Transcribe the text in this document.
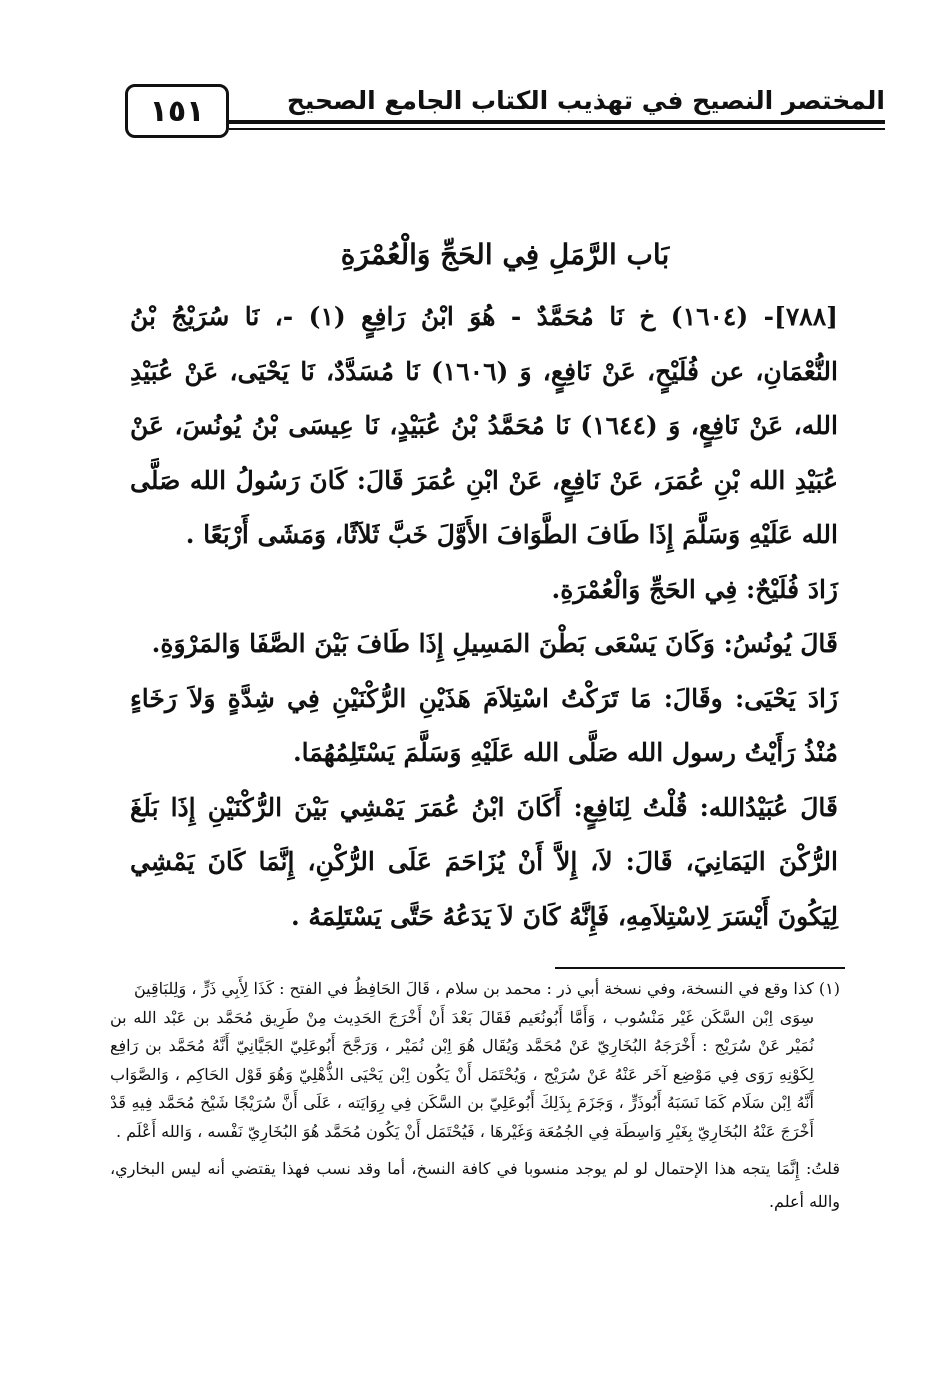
١٥١	المختصر النصيح في تهذيب الكتاب الجامع الصحيح
بَاب الرَّمَلِ فِي الحَجِّ وَالْعُمْرَةِ

[٧٨٨]- (١٦٠٤) خ نَا مُحَمَّدٌ - هُوَ ابْنُ رَافِعٍ (١) -، نَا سُرَيْجُ بْنُ النُّعْمَانِ، عن فُلَيْحٍ، عَنْ نَافِعٍ، وَ (١٦٠٦) نَا مُسَدَّدٌ، نَا يَحْيَى، عَنْ عُبَيْدِ الله، عَنْ نَافِعٍ، وَ (١٦٤٤) نَا مُحَمَّدُ بْنُ عُبَيْدٍ، نَا عِيسَى بْنُ يُونُسَ، عَنْ عُبَيْدِ الله بْنِ عُمَرَ، عَنْ نَافِعٍ، عَنْ ابْنِ عُمَرَ قَالَ: كَانَ رَسُولُ الله صَلَّى الله عَلَيْهِ وَسَلَّمَ إِذَا طَافَ الطَّوَافَ الأَوَّلَ خَبَّ ثَلاَثًا، وَمَشَى أَرْبَعًا .

زَادَ فُلَيْحٌ: فِي الحَجِّ وَالْعُمْرَةِ.

قَالَ يُونُسُ: وَكَانَ يَسْعَى بَطْنَ المَسِيلِ إِذَا طَافَ بَيْنَ الصَّفَا وَالمَرْوَةِ.

زَادَ يَحْيَى: وقَالَ: مَا تَرَكْتُ اسْتِلاَمَ هَذَيْنِ الرُّكْنَيْنِ فِي شِدَّةٍ وَلاَ رَخَاءٍ مُنْذُ رَأَيْتُ رسول الله صَلَّى الله عَلَيْهِ وَسَلَّمَ يَسْتَلِمُهُمَا.

قَالَ عُبَيْدُالله: قُلْتُ لِنَافِعٍ: أَكَانَ ابْنُ عُمَرَ يَمْشِي بَيْنَ الرُّكْنَيْنِ إِذَا بَلَغَ الرُّكْنَ اليَمَانِيَ، قَالَ: لاَ، إِلاَّ أَنْ يُزَاحَمَ عَلَى الرُّكْنِ، إِنَّمَا كَانَ يَمْشِي لِيَكُونَ أَيْسَرَ لِاسْتِلاَمِهِ، فَإِنَّهُ كَانَ لاَ يَدَعُهُ حَتَّى يَسْتَلِمَهُ .

(١) كذا وقع في النسخة، وفي نسخة أبي ذر : محمد بن سلام ، قَالَ الحَافِظُ في الفتح : كَذَا لِأَبِي ذَرٍّ ، وَلِلبَاقِينَ

سِوَى اِبْن السَّكَن غَيْر مَنْسُوب ، وَأَمَّا أَبُونُعَيم فَقَالَ بَعْدَ أَنْ أَخْرَجَ الحَدِيث مِنْ طَرِيق مُحَمَّد بن عَبْد الله بن نُمَيْر عَنْ سُرَيْج : أَخْرَجَهُ البُخَارِيّ عَنْ مُحَمَّد وَيُقَال هُوَ اِبْن نُمَيْر ، وَرَجَّحَ أَبُوعَلِيّ الجَيَّانِيّ أَنَّهُ مُحَمَّد بن رَافِع لِكَوْنِهِ رَوَى فِي مَوْضِع آخَر عَنْهُ عَنْ سُرَيْج ، وَيُحْتَمَل أَنْ يَكُون اِبْن يَحْيَى الذُّهْلِيّ وَهُوَ قَوْل الحَاكِم ، وَالصَّوَاب أَنَّهُ اِبْن سَلَام كَمَا نَسَبَهُ أَبُوذَرٍّ ، وَجَزَمَ بِذَلِكَ أَبُوعَلِيّ بن السَّكَن فِي رِوَايَته ، عَلَى أَنَّ سُرَيْجًا شَيْخ مُحَمَّد فِيهِ قَدْ أَخْرَجَ عَنْهُ البُخَارِيّ بِغَيْرِ وَاسِطَة فِي الجُمُعَة وَغَيْرهَا ، فَيُحْتَمَل أَنْ يَكُون مُحَمَّد هُوَ البُخَارِيّ نَفْسه ، وَالله أَعْلَم .

قلتُ: إِنَّمَا يتجه هذا الإحتمال لو لم يوجد منسوبا في كافة النسخ، أما وقد نسب فهذا يقتضي أنه ليس البخاري، والله أعلم.
